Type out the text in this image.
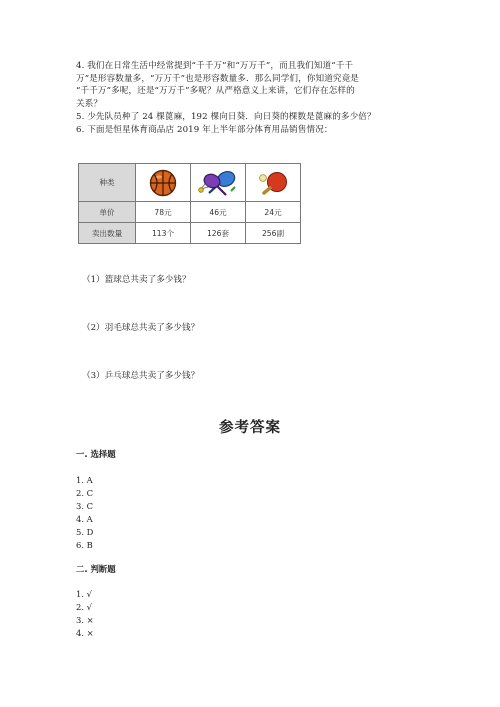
4. 我们在日常生活中经常提到“千千万”和“万万千”，而且我们知道“千千

万”是形容数量多，“万万千”也是形容数量多．那么同学们，你知道究竟是

“千千万”多呢，还是“万万千”多呢？从严格意义上来讲，它们存在怎样的

关系？

5. 少先队员种了 24 棵蓖麻，192 棵向日葵．向日葵的棵数是蓖麻的多少倍？

6. 下面是恒星体育商品店 2019 年上半年部分体育用品销售情况：

种类	

单价	78元	46元	24元
卖出数量	113个	126套	256副
（1）篮球总共卖了多少钱？
（2）羽毛球总共卖了多少钱？
（3）乒乓球总共卖了多少钱？
参考答案
一. 选择题
1. A
2. C
3. C
4. A
5. D
6. B
二. 判断题
1. √
2. √
3. ×
4. ×
